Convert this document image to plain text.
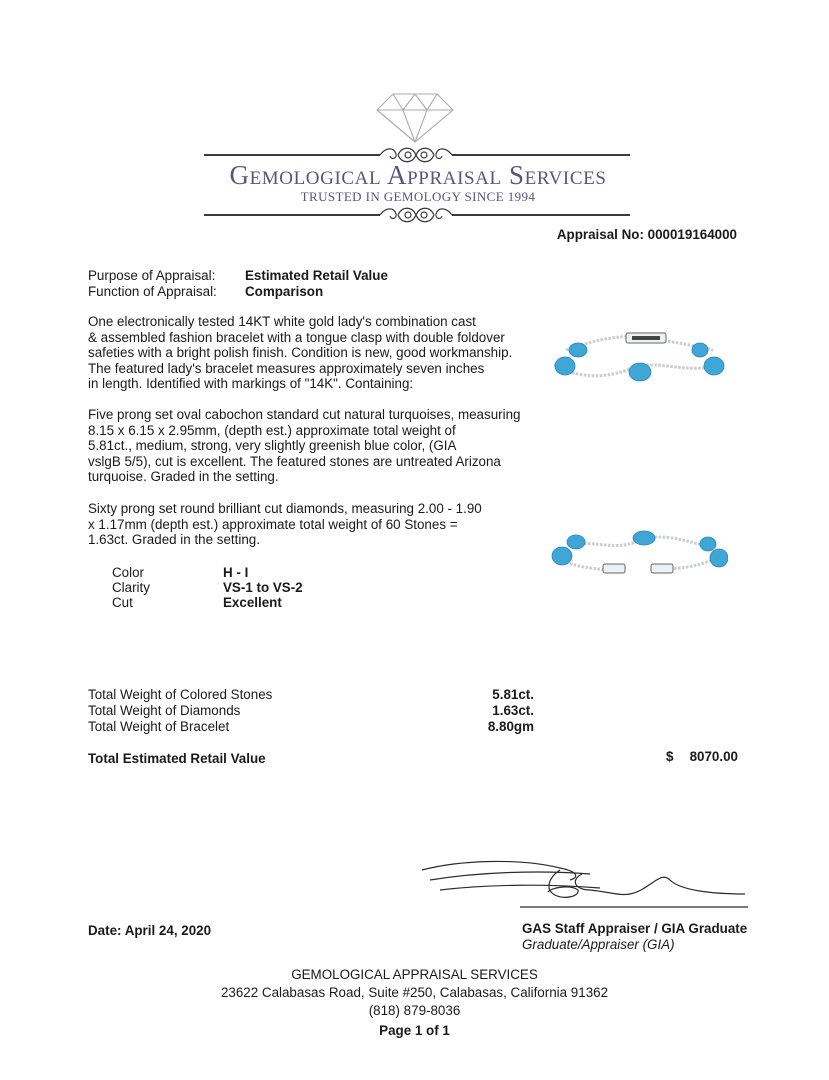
Gemological Appraisal Services
TRUSTED IN GEMOLOGY SINCE 1994
Appraisal No: 000019164000
Purpose of Appraisal: Estimated Retail Value
Function of Appraisal: Comparison
One electronically tested 14KT white gold lady's combination cast
& assembled fashion bracelet with a tongue clasp with double foldover
safeties with a bright polish finish. Condition is new, good workmanship.
The featured lady's bracelet measures approximately seven inches
in length. Identified with markings of "14K". Containing:
Five prong set oval cabochon standard cut natural turquoises, measuring
8.15 x 6.15 x 2.95mm, (depth est.) approximate total weight of
5.81ct., medium, strong, very slightly greenish blue color, (GIA
vslgB 5/5), cut is excellent. The featured stones are untreated Arizona
turquoise. Graded in the setting.
Sixty prong set round brilliant cut diamonds, measuring 2.00 - 1.90
x 1.17mm (depth est.) approximate total weight of 60 Stones =
1.63ct. Graded in the setting.
Color	H - I
Clarity	VS-1 to VS-2
Cut	Excellent
Total Weight of Colored Stones	5.81ct.
Total Weight of Diamonds	1.63ct.
Total Weight of Bracelet	8.80gm
Total Estimated Retail Value	$ 8070.00
GAS Staff Appraiser / GIA Graduate
Graduate/Appraiser (GIA)
Date: April 24, 2020
GEMOLOGICAL APPRAISAL SERVICES
23622 Calabasas Road, Suite #250, Calabasas, California 91362
(818) 879-8036
Page 1 of 1
